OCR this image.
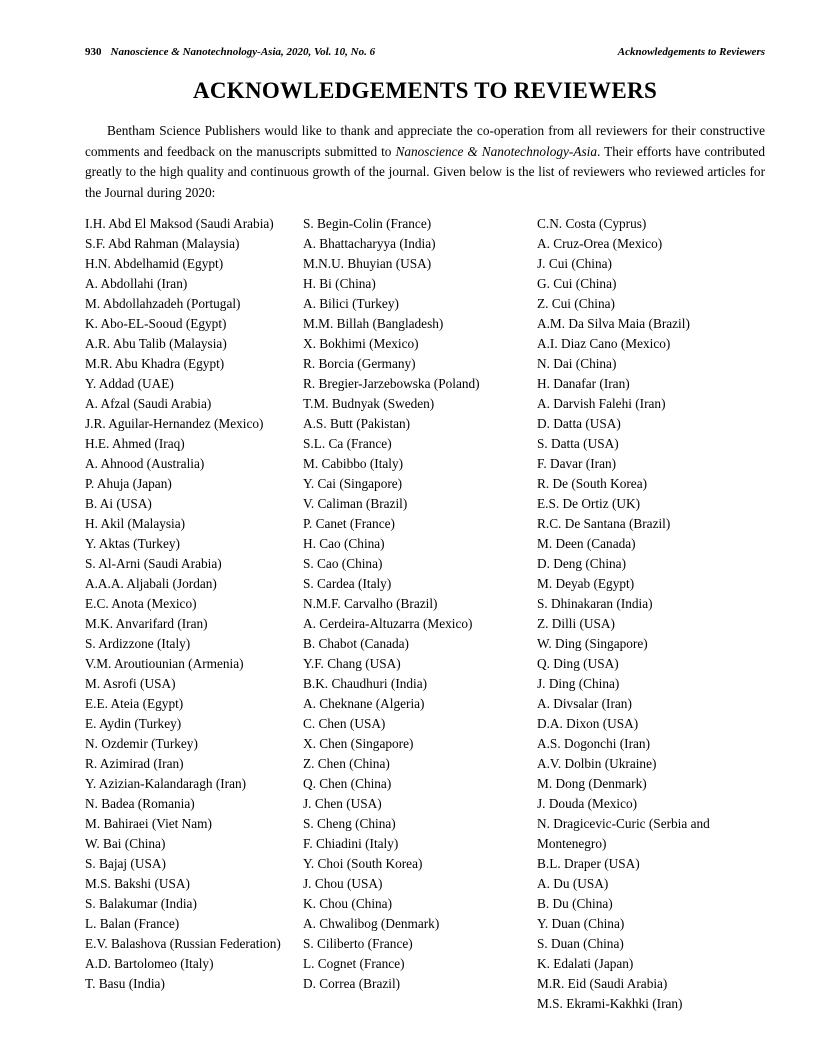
930 Nanoscience & Nanotechnology-Asia, 2020, Vol. 10, No. 6	Acknowledgements to Reviewers
ACKNOWLEDGEMENTS TO REVIEWERS

Bentham Science Publishers would like to thank and appreciate the co-operation from all reviewers for their constructive comments and feedback on the manuscripts submitted to Nanoscience & Nanotechnology-Asia. Their efforts have contributed greatly to the high quality and continuous growth of the journal. Given below is the list of reviewers who reviewed articles for the Journal during 2020:

I.H. Abd El Maksod (Saudi Arabia)
S.F. Abd Rahman (Malaysia)
H.N. Abdelhamid (Egypt)
A. Abdollahi (Iran)
M. Abdollahzadeh (Portugal)
K. Abo-EL-Sooud (Egypt)
A.R. Abu Talib (Malaysia)
M.R. Abu Khadra (Egypt)
Y. Addad (UAE)
A. Afzal (Saudi Arabia)
J.R. Aguilar-Hernandez (Mexico)
H.E. Ahmed (Iraq)
A. Ahnood (Australia)
P. Ahuja (Japan)
B. Ai (USA)
H. Akil (Malaysia)
Y. Aktas (Turkey)
S. Al-Arni (Saudi Arabia)
A.A.A. Aljabali (Jordan)
E.C. Anota (Mexico)
M.K. Anvarifard (Iran)
S. Ardizzone (Italy)
V.M. Aroutiounian (Armenia)
M. Asrofi (USA)
E.E. Ateia (Egypt)
E. Aydin (Turkey)
N. Ozdemir (Turkey)
R. Azimirad (Iran)
Y. Azizian-Kalandaragh (Iran)
N. Badea (Romania)
M. Bahiraei (Viet Nam)
W. Bai (China)
S. Bajaj (USA)
M.S. Bakshi (USA)
S. Balakumar (India)
L. Balan (France)
E.V. Balashova (Russian Federation)
A.D. Bartolomeo (Italy)
T. Basu (India)
S. Begin-Colin (France)
A. Bhattacharyya (India)
M.N.U. Bhuyian (USA)
H. Bi (China)
A. Bilici (Turkey)
M.M. Billah (Bangladesh)
X. Bokhimi (Mexico)
R. Borcia (Germany)
R. Bregier-Jarzebowska (Poland)
T.M. Budnyak (Sweden)
A.S. Butt (Pakistan)
S.L. Ca (France)
M. Cabibbo (Italy)
Y. Cai (Singapore)
V. Caliman (Brazil)
P. Canet (France)
H. Cao (China)
S. Cao (China)
S. Cardea (Italy)
N.M.F. Carvalho (Brazil)
A. Cerdeira-Altuzarra (Mexico)
B. Chabot (Canada)
Y.F. Chang (USA)
B.K. Chaudhuri (India)
A. Cheknane (Algeria)
C. Chen (USA)
X. Chen (Singapore)
Z. Chen (China)
Q. Chen (China)
J. Chen (USA)
S. Cheng (China)
F. Chiadini (Italy)
Y. Choi (South Korea)
J. Chou (USA)
K. Chou (China)
A. Chwalibog (Denmark)
S. Ciliberto (France)
L. Cognet (France)
D. Correa (Brazil)
C.N. Costa (Cyprus)
A. Cruz-Orea (Mexico)
J. Cui (China)
G. Cui (China)
Z. Cui (China)
A.M. Da Silva Maia (Brazil)
A.I. Diaz Cano (Mexico)
N. Dai (China)
H. Danafar (Iran)
A. Darvish Falehi (Iran)
D. Datta (USA)
S. Datta (USA)
F. Davar (Iran)
R. De (South Korea)
E.S. De Ortiz (UK)
R.C. De Santana (Brazil)
M. Deen (Canada)
D. Deng (China)
M. Deyab (Egypt)
S. Dhinakaran (India)
Z. Dilli (USA)
W. Ding (Singapore)
Q. Ding (USA)
J. Ding (China)
A. Divsalar (Iran)
D.A. Dixon (USA)
A.S. Dogonchi (Iran)
A.V. Dolbin (Ukraine)
M. Dong (Denmark)
J. Douda (Mexico)
N. Dragicevic-Curic (Serbia and Montenegro)
B.L. Draper (USA)
A. Du (USA)
B. Du (China)
Y. Duan (China)
S. Duan (China)
K. Edalati (Japan)
M.R. Eid (Saudi Arabia)
M.S. Ekrami-Kakhki (Iran)
